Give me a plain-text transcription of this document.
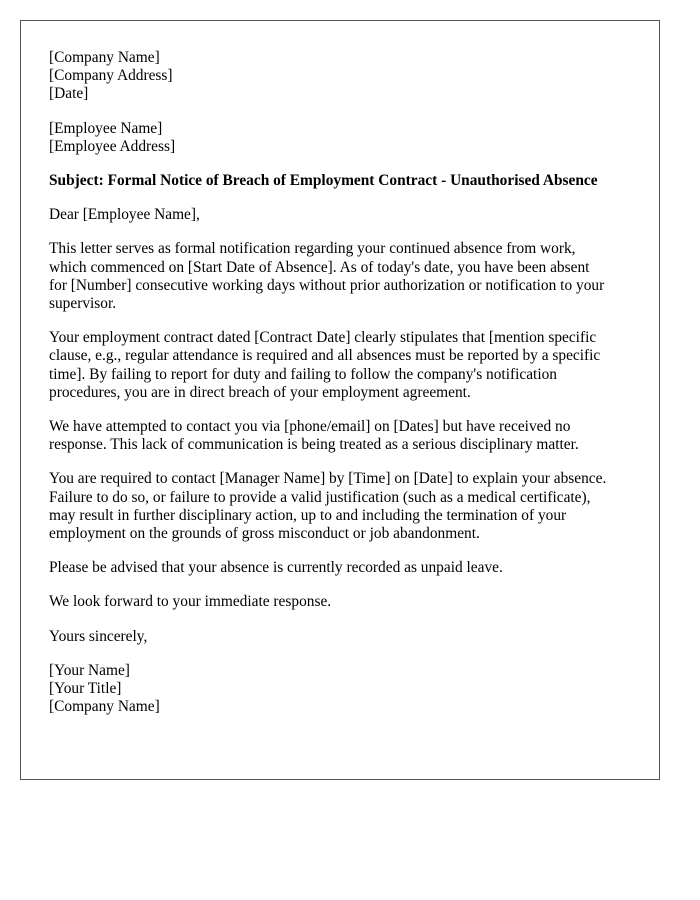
[Company Name]
[Company Address]
[Date]
[Employee Name]
[Employee Address]
Subject: Formal Notice of Breach of Employment Contract - Unauthorised Absence
Dear [Employee Name],
This letter serves as formal notification regarding your continued absence from work,
which commenced on [Start Date of Absence]. As of today's date, you have been absent
for [Number] consecutive working days without prior authorization or notification to your
supervisor.
Your employment contract dated [Contract Date] clearly stipulates that [mention specific
clause, e.g., regular attendance is required and all absences must be reported by a specific
time]. By failing to report for duty and failing to follow the company's notification
procedures, you are in direct breach of your employment agreement.
We have attempted to contact you via [phone/email] on [Dates] but have received no
response. This lack of communication is being treated as a serious disciplinary matter.
You are required to contact [Manager Name] by [Time] on [Date] to explain your absence.
Failure to do so, or failure to provide a valid justification (such as a medical certificate),
may result in further disciplinary action, up to and including the termination of your
employment on the grounds of gross misconduct or job abandonment.
Please be advised that your absence is currently recorded as unpaid leave.
We look forward to your immediate response.
Yours sincerely,
[Your Name]
[Your Title]
[Company Name]
